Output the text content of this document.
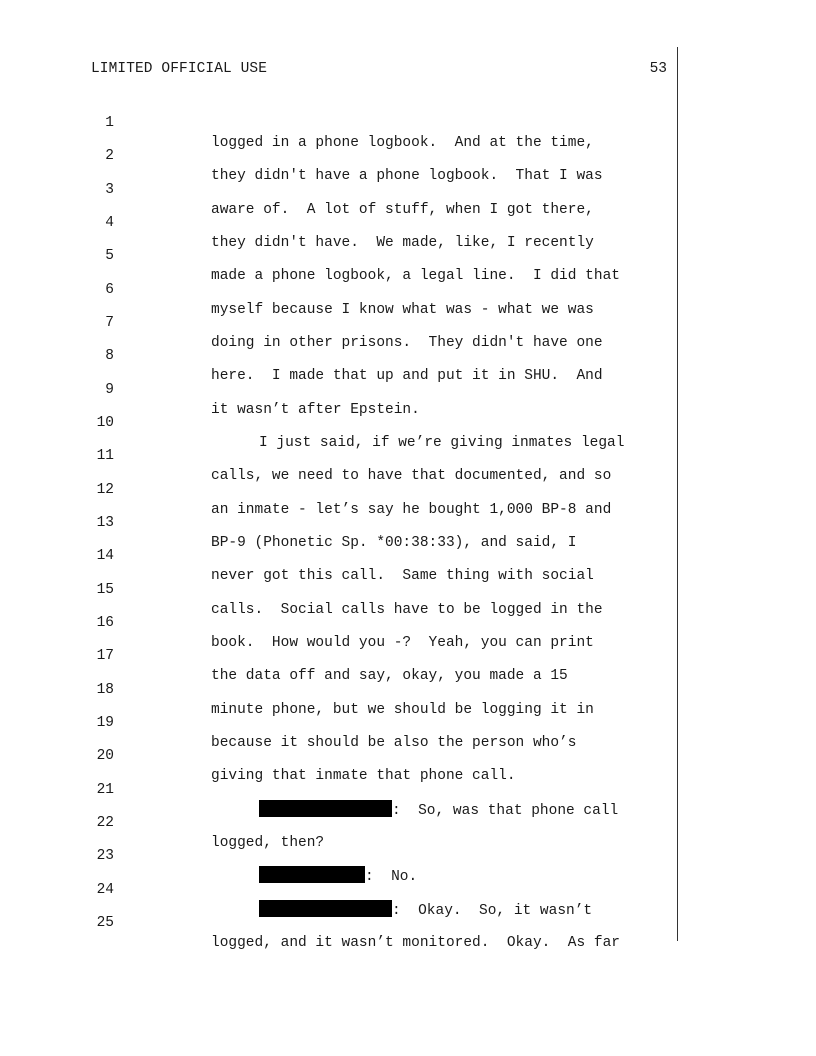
LIMITED OFFICIAL USE	53

1

logged in a phone logbook.  And at the time,

2

they didn't have a phone logbook.  That I was

3

aware of.  A lot of stuff, when I got there,

4

they didn't have.  We made, like, I recently

5

made a phone logbook, a legal line.  I did that

6

myself because I know what was - what we was

7

doing in other prisons.  They didn't have one

8

here.  I made that up and put it in SHU.  And

9

it wasn’t after Epstein.

10

I just said, if we’re giving inmates legal

11

calls, we need to have that documented, and so

12

an inmate - let’s say he bought 1,000 BP-8 and

13

BP-9 (Phonetic Sp. *00:38:33), and said, I

14

never got this call.  Same thing with social

15

calls.  Social calls have to be logged in the

16

book.  How would you -?  Yeah, you can print

17

the data off and say, okay, you made a 15

18

minute phone, but we should be logging it in

19

because it should be also the person who’s

20

giving that inmate that phone call.

21

:  So, was that phone call

22

logged, then?

23

:  No.

24

:  Okay.  So, it wasn’t

25

logged, and it wasn’t monitored.  Okay.  As far
